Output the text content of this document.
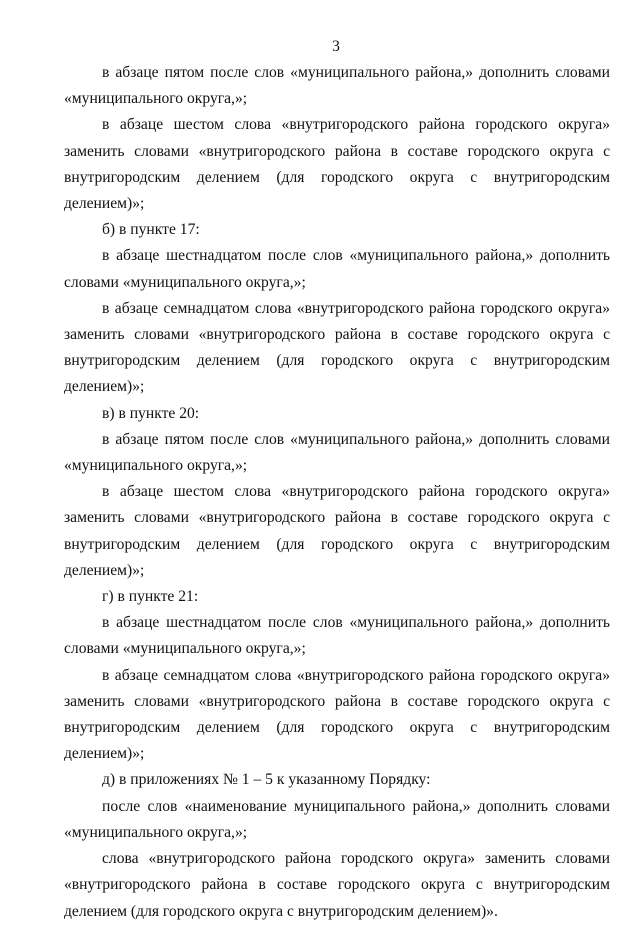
3

в абзаце пятом после слов «муниципального района,» дополнить словами «муниципального округа,»;

в абзаце шестом слова «внутригородского района городского округа» заменить словами «внутригородского района в составе городского округа с внутригородским делением (для городского округа с внутригородским делением)»;

б) в пункте 17:

в абзаце шестнадцатом после слов «муниципального района,» дополнить словами «муниципального округа,»;

в абзаце семнадцатом слова «внутригородского района городского округа» заменить словами «внутригородского района в составе городского округа с внутригородским делением (для городского округа с внутригородским делением)»;

в) в пункте 20:

в абзаце пятом после слов «муниципального района,» дополнить словами «муниципального округа,»;

в абзаце шестом слова «внутригородского района городского округа» заменить словами «внутригородского района в составе городского округа с внутригородским делением (для городского округа с внутригородским делением)»;

г) в пункте 21:

в абзаце шестнадцатом после слов «муниципального района,» дополнить словами «муниципального округа,»;

в абзаце семнадцатом слова «внутригородского района городского округа» заменить словами «внутригородского района в составе городского округа с внутригородским делением (для городского округа с внутригородским делением)»;

д) в приложениях № 1 – 5 к указанному Порядку:

после слов «наименование муниципального района,» дополнить словами «муниципального округа,»;

слова «внутригородского района городского округа» заменить словами «внутригородского района в составе городского округа с внутригородским делением (для городского округа с внутригородским делением)».
